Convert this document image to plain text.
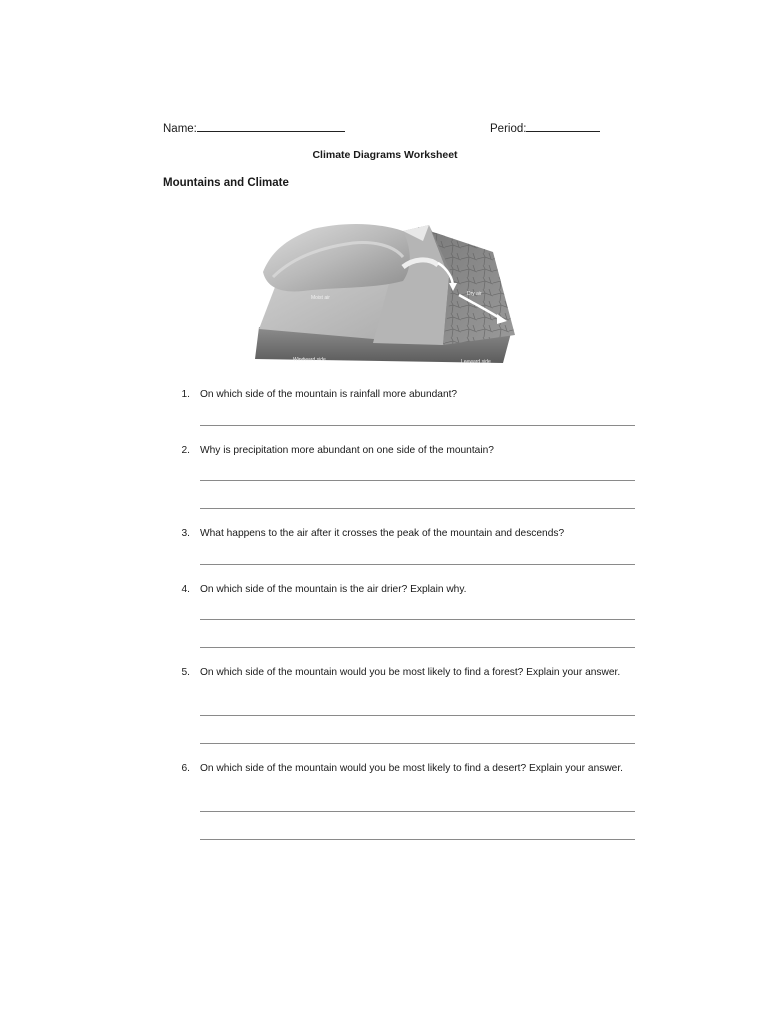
Name:	Period:
Climate Diagrams Worksheet
Mountains and Climate
Moist air
Dry air
Windward side	Leeward side
1. On which side of the mountain is rainfall more abundant?
2. Why is precipitation more abundant on one side of the mountain?
3. What happens to the air after it crosses the peak of the mountain and descends?
4. On which side of the mountain is the air drier? Explain why.
5. On which side of the mountain would you be most likely to find a forest? Explain your answer.
6. On which side of the mountain would you be most likely to find a desert? Explain your answer.
